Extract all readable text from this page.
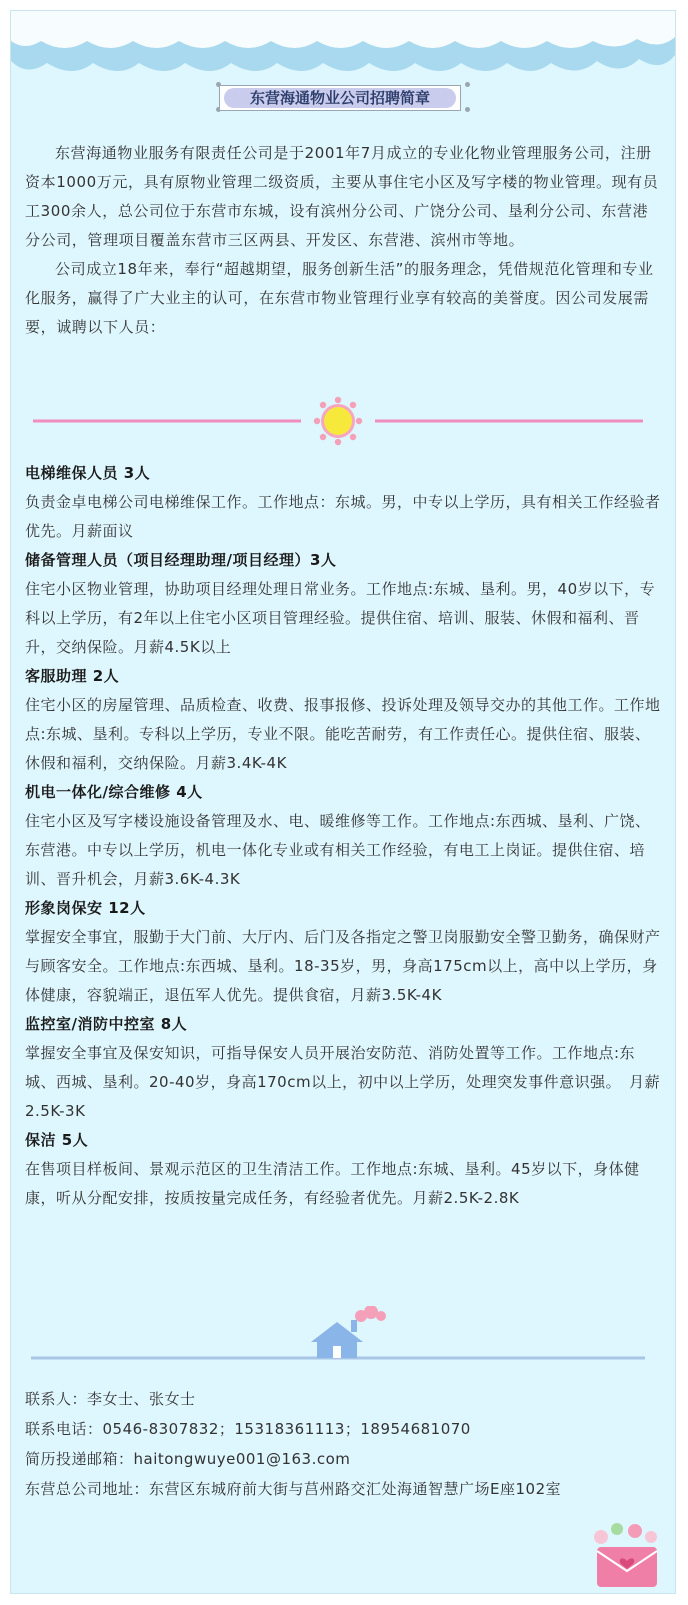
东营海通物业公司招聘简章

东营海通物业服务有限责任公司是于2001年7月成立的专业化物业管理服务公司，注册资本1000万元，具有原物业管理二级资质，主要从事住宅小区及写字楼的物业管理。现有员工300余人，总公司位于东营市东城，设有滨州分公司、广饶分公司、垦利分公司、东营港分公司，管理项目覆盖东营市三区两县、开发区、东营港、滨州市等地。

公司成立18年来，奉行“超越期望，服务创新生活”的服务理念，凭借规范化管理和专业化服务，赢得了广大业主的认可，在东营市物业管理行业享有较高的美誉度。因公司发展需要，诚聘以下人员：

电梯维保人员 3人
负责金卓电梯公司电梯维保工作。工作地点：东城。男，中专以上学历，具有相关工作经验者优先。月薪面议
储备管理人员（项目经理助理/项目经理）3人
住宅小区物业管理，协助项目经理处理日常业务。工作地点:东城、垦利。男，40岁以下，专科以上学历，有2年以上住宅小区项目管理经验。提供住宿、培训、服装、休假和福利、晋升，交纳保险。月薪4.5K以上
客服助理 2人
住宅小区的房屋管理、品质检查、收费、报事报修、投诉处理及领导交办的其他工作。工作地点:东城、垦利。专科以上学历，专业不限。能吃苦耐劳，有工作责任心。提供住宿、服装、休假和福利，交纳保险。月薪3.4K-4K
机电一体化/综合维修 4人
住宅小区及写字楼设施设备管理及水、电、暖维修等工作。工作地点:东西城、垦利、广饶、东营港。中专以上学历，机电一体化专业或有相关工作经验，有电工上岗证。提供住宿、培训、晋升机会，月薪3.6K-4.3K
形象岗保安 12人
掌握安全事宜，服勤于大门前、大厅内、后门及各指定之警卫岗服勤安全警卫勤务，确保财产与顾客安全。工作地点:东西城、垦利。18-35岁，男，身高175cm以上，高中以上学历，身体健康，容貌端正，退伍军人优先。提供食宿，月薪3.5K-4K
监控室/消防中控室 8人
掌握安全事宜及保安知识，可指导保安人员开展治安防范、消防处置等工作。工作地点:东城、西城、垦利。20-40岁，身高170cm以上，初中以上学历，处理突发事件意识强。　月薪2.5K-3K
保洁 5人
在售项目样板间、景观示范区的卫生清洁工作。工作地点:东城、垦利。45岁以下，身体健康，听从分配安排，按质按量完成任务，有经验者优先。月薪2.5K-2.8K
联系人：李女士、张女士
联系电话：0546-8307832；15318361113；18954681070
简历投递邮箱：haitongwuye001@163.com
东营总公司地址：东营区东城府前大街与莒州路交汇处海通智慧广场E座102室
